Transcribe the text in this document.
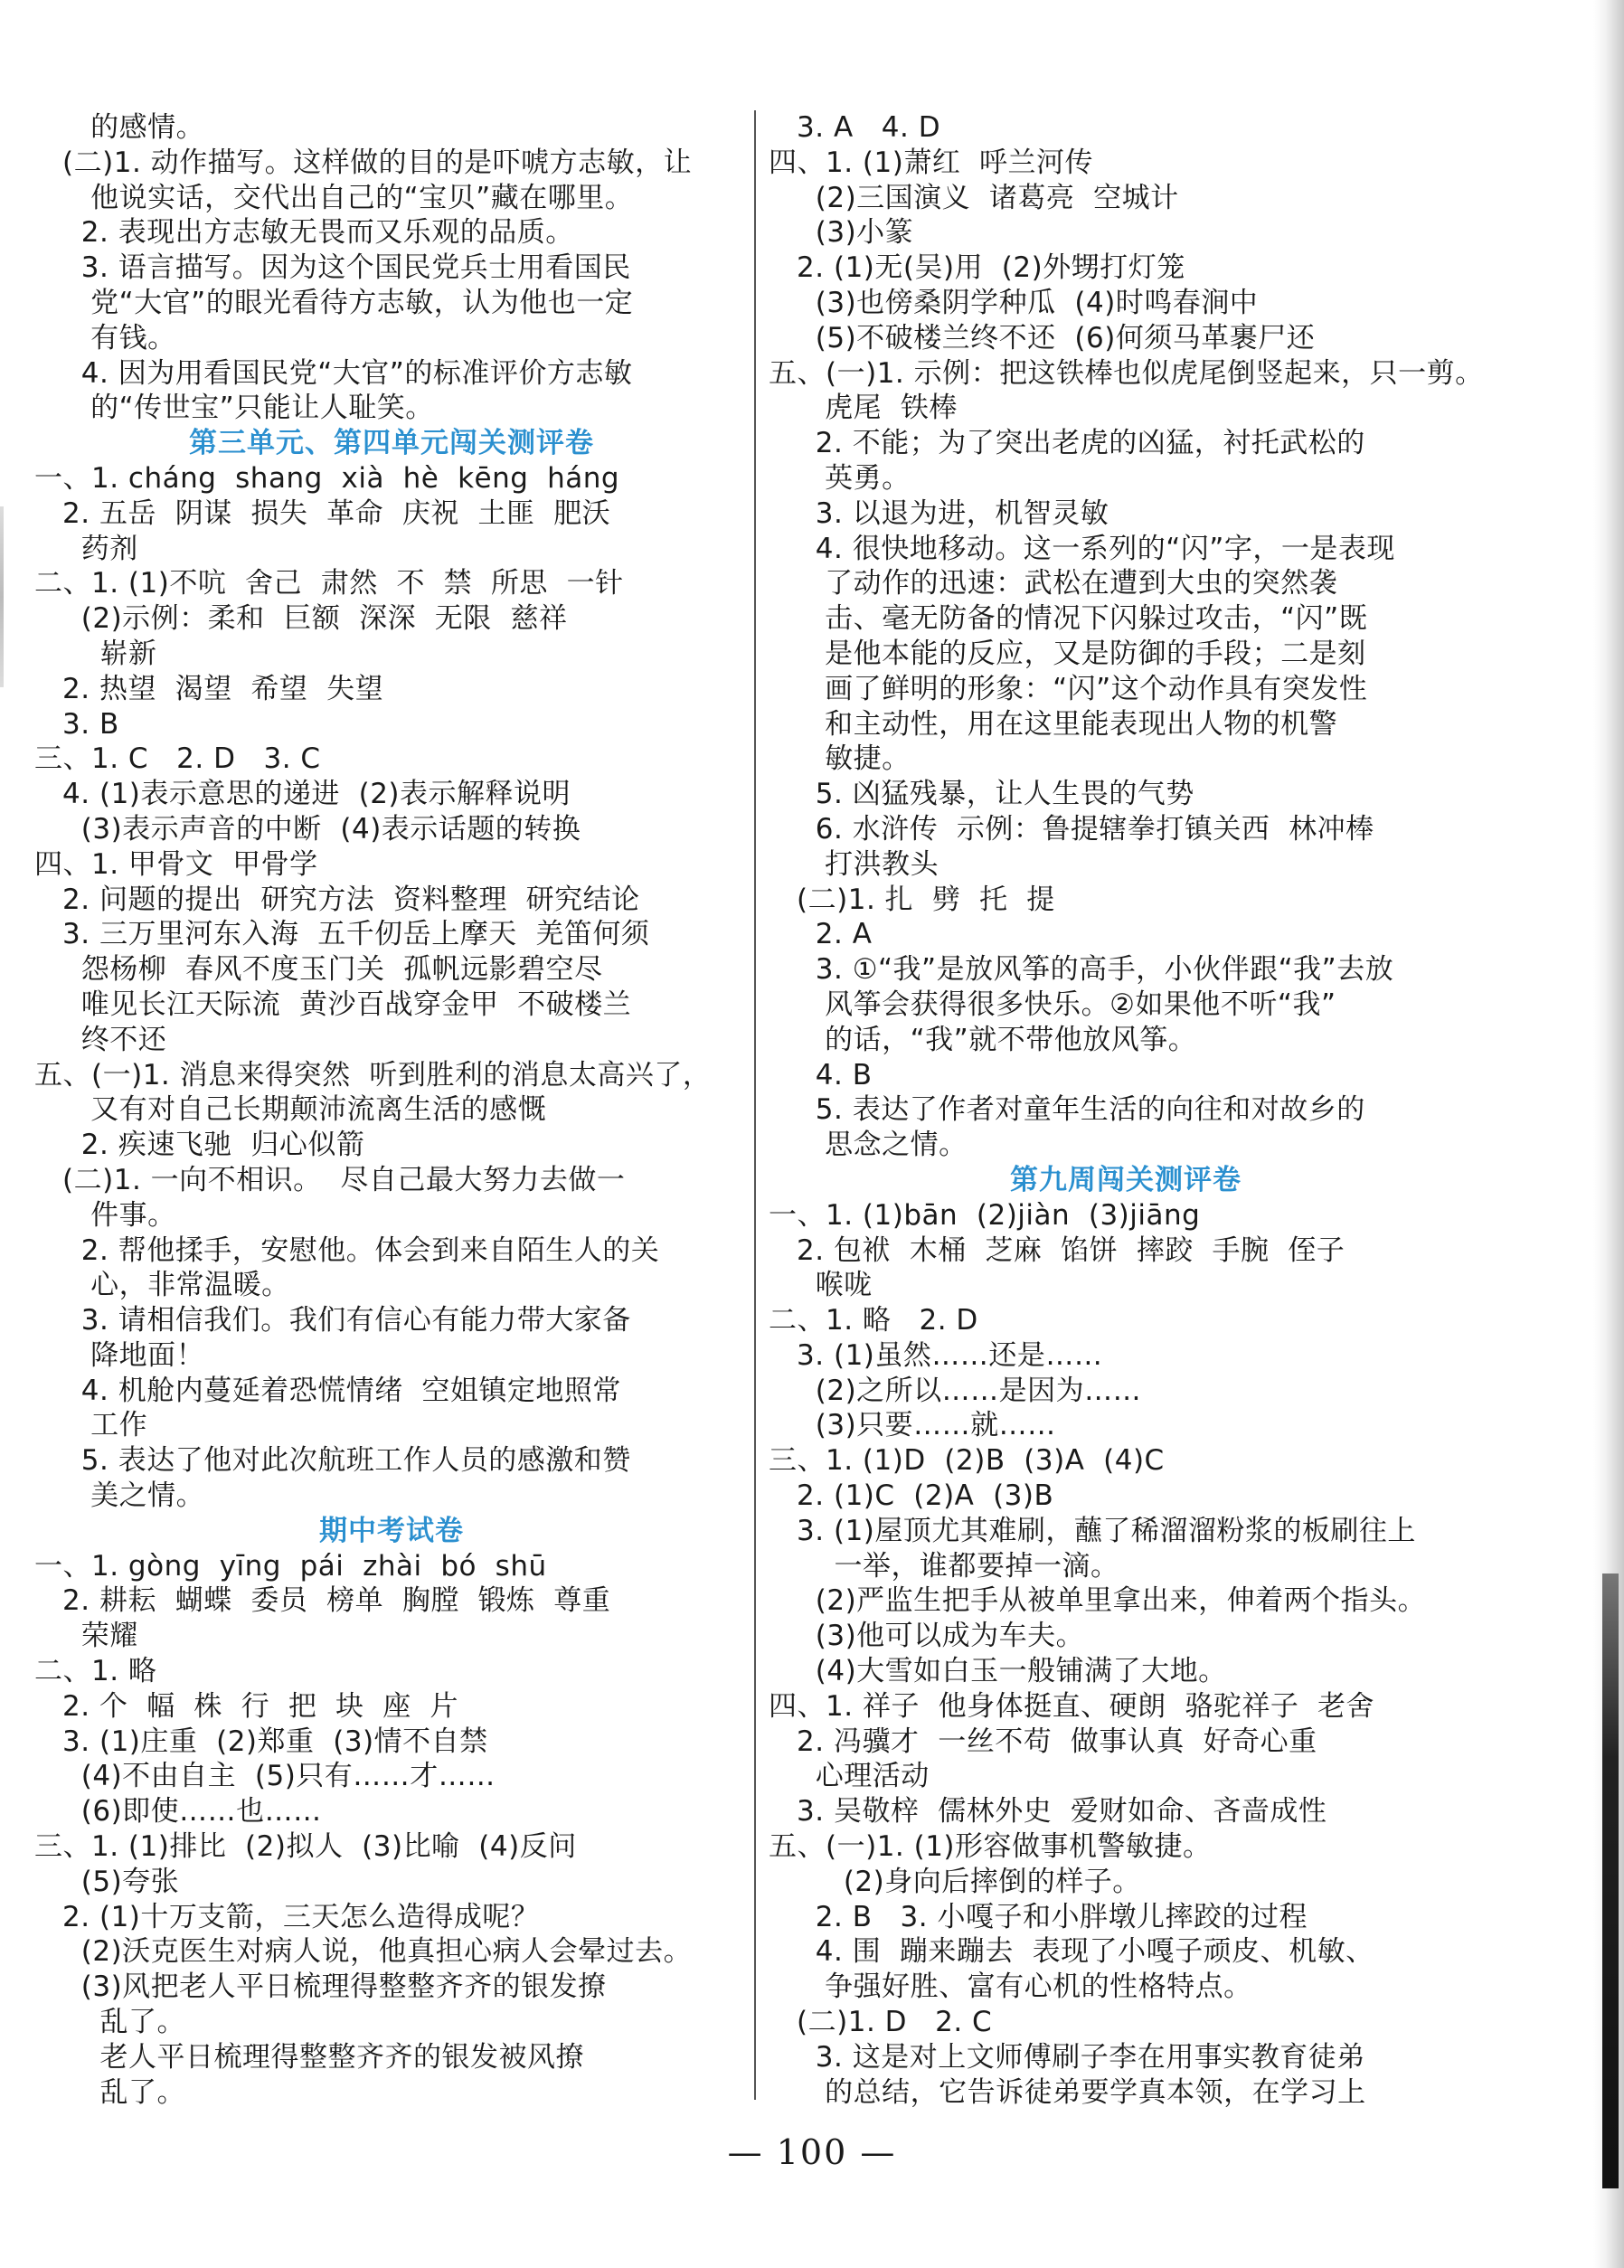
的感情。
(二)1. 动作描写。这样做的目的是吓唬方志敏，让
他说实话，交代出自己的“宝贝”藏在哪里。
2. 表现出方志敏无畏而又乐观的品质。
3. 语言描写。因为这个国民党兵士用看国民
党“大官”的眼光看待方志敏，认为他也一定
有钱。
4. 因为用看国民党“大官”的标准评价方志敏
的“传世宝”只能让人耻笑。
第三单元、第四单元闯关测评卷
一、1. cháng  shang  xià  hè  kēng  háng
2. 五岳  阴谋  损失  革命  庆祝  土匪  肥沃
药剂
二、1. (1)不吭  舍己  肃然  不  禁  所思  一针
(2)示例：柔和  巨额  深深  无限  慈祥
崭新
2. 热望  渴望  希望  失望
3. B
三、1. C   2. D   3. C
4. (1)表示意思的递进  (2)表示解释说明
(3)表示声音的中断  (4)表示话题的转换
四、1. 甲骨文  甲骨学
2. 问题的提出  研究方法  资料整理  研究结论
3. 三万里河东入海  五千仞岳上摩天  羌笛何须
怨杨柳  春风不度玉门关  孤帆远影碧空尽
唯见长江天际流  黄沙百战穿金甲  不破楼兰
终不还
五、(一)1. 消息来得突然  听到胜利的消息太高兴了，
又有对自己长期颠沛流离生活的感慨
2. 疾速飞驰  归心似箭
(二)1. 一向不相识。  尽自己最大努力去做一
件事。
2. 帮他揉手，安慰他。体会到来自陌生人的关
心，非常温暖。
3. 请相信我们。我们有信心有能力带大家备
降地面！
4. 机舱内蔓延着恐慌情绪  空姐镇定地照常
工作
5. 表达了他对此次航班工作人员的感激和赞
美之情。
期中考试卷
一、1. gòng  yīng  pái  zhài  bó  shū
2. 耕耘  蝴蝶  委员  榜单  胸膛  锻炼  尊重
荣耀
二、1. 略
2. 个  幅  株  行  把  块  座  片
3. (1)庄重  (2)郑重  (3)情不自禁
(4)不由自主  (5)只有……才……
(6)即使……也……
三、1. (1)排比  (2)拟人  (3)比喻  (4)反问
(5)夸张
2. (1)十万支箭，三天怎么造得成呢？
(2)沃克医生对病人说，他真担心病人会晕过去。
(3)风把老人平日梳理得整整齐齐的银发撩
乱了。
老人平日梳理得整整齐齐的银发被风撩
乱了。
3. A   4. D
四、1. (1)萧红  呼兰河传
(2)三国演义  诸葛亮  空城计
(3)小篆
2. (1)无(吴)用  (2)外甥打灯笼
(3)也傍桑阴学种瓜  (4)时鸣春涧中
(5)不破楼兰终不还  (6)何须马革裹尸还
五、(一)1. 示例：把这铁棒也似虎尾倒竖起来，只一剪。
虎尾  铁棒
2. 不能；为了突出老虎的凶猛，衬托武松的
英勇。
3. 以退为进，机智灵敏
4. 很快地移动。这一系列的“闪”字，一是表现
了动作的迅速：武松在遭到大虫的突然袭
击、毫无防备的情况下闪躲过攻击，“闪”既
是他本能的反应，又是防御的手段；二是刻
画了鲜明的形象：“闪”这个动作具有突发性
和主动性，用在这里能表现出人物的机警
敏捷。
5. 凶猛残暴，让人生畏的气势
6. 水浒传  示例：鲁提辖拳打镇关西  林冲棒
打洪教头
(二)1. 扎  劈  托  提
2. A
3. ①“我”是放风筝的高手，小伙伴跟“我”去放
风筝会获得很多快乐。②如果他不听“我”
的话，“我”就不带他放风筝。
4. B
5. 表达了作者对童年生活的向往和对故乡的
思念之情。
第九周闯关测评卷
一、1. (1)bān  (2)jiàn  (3)jiāng
2. 包袱  木桶  芝麻  馅饼  摔跤  手腕  侄子
喉咙
二、1. 略   2. D
3. (1)虽然……还是……
(2)之所以……是因为……
(3)只要……就……
三、1. (1)D  (2)B  (3)A  (4)C
2. (1)C  (2)A  (3)B
3. (1)屋顶尤其难刷，蘸了稀溜溜粉浆的板刷往上
一举，谁都要掉一滴。
(2)严监生把手从被单里拿出来，伸着两个指头。
(3)他可以成为车夫。
(4)大雪如白玉一般铺满了大地。
四、1. 祥子  他身体挺直、硬朗  骆驼祥子  老舍
2. 冯骥才  一丝不苟  做事认真  好奇心重
心理活动
3. 吴敬梓  儒林外史  爱财如命、吝啬成性
五、(一)1. (1)形容做事机警敏捷。
(2)身向后摔倒的样子。
2. B   3. 小嘎子和小胖墩儿摔跤的过程
4. 围  蹦来蹦去  表现了小嘎子顽皮、机敏、
争强好胜、富有心机的性格特点。
(二)1. D   2. C
3. 这是对上文师傅刷子李在用事实教育徒弟
的总结，它告诉徒弟要学真本领，在学习上
— 100 —
